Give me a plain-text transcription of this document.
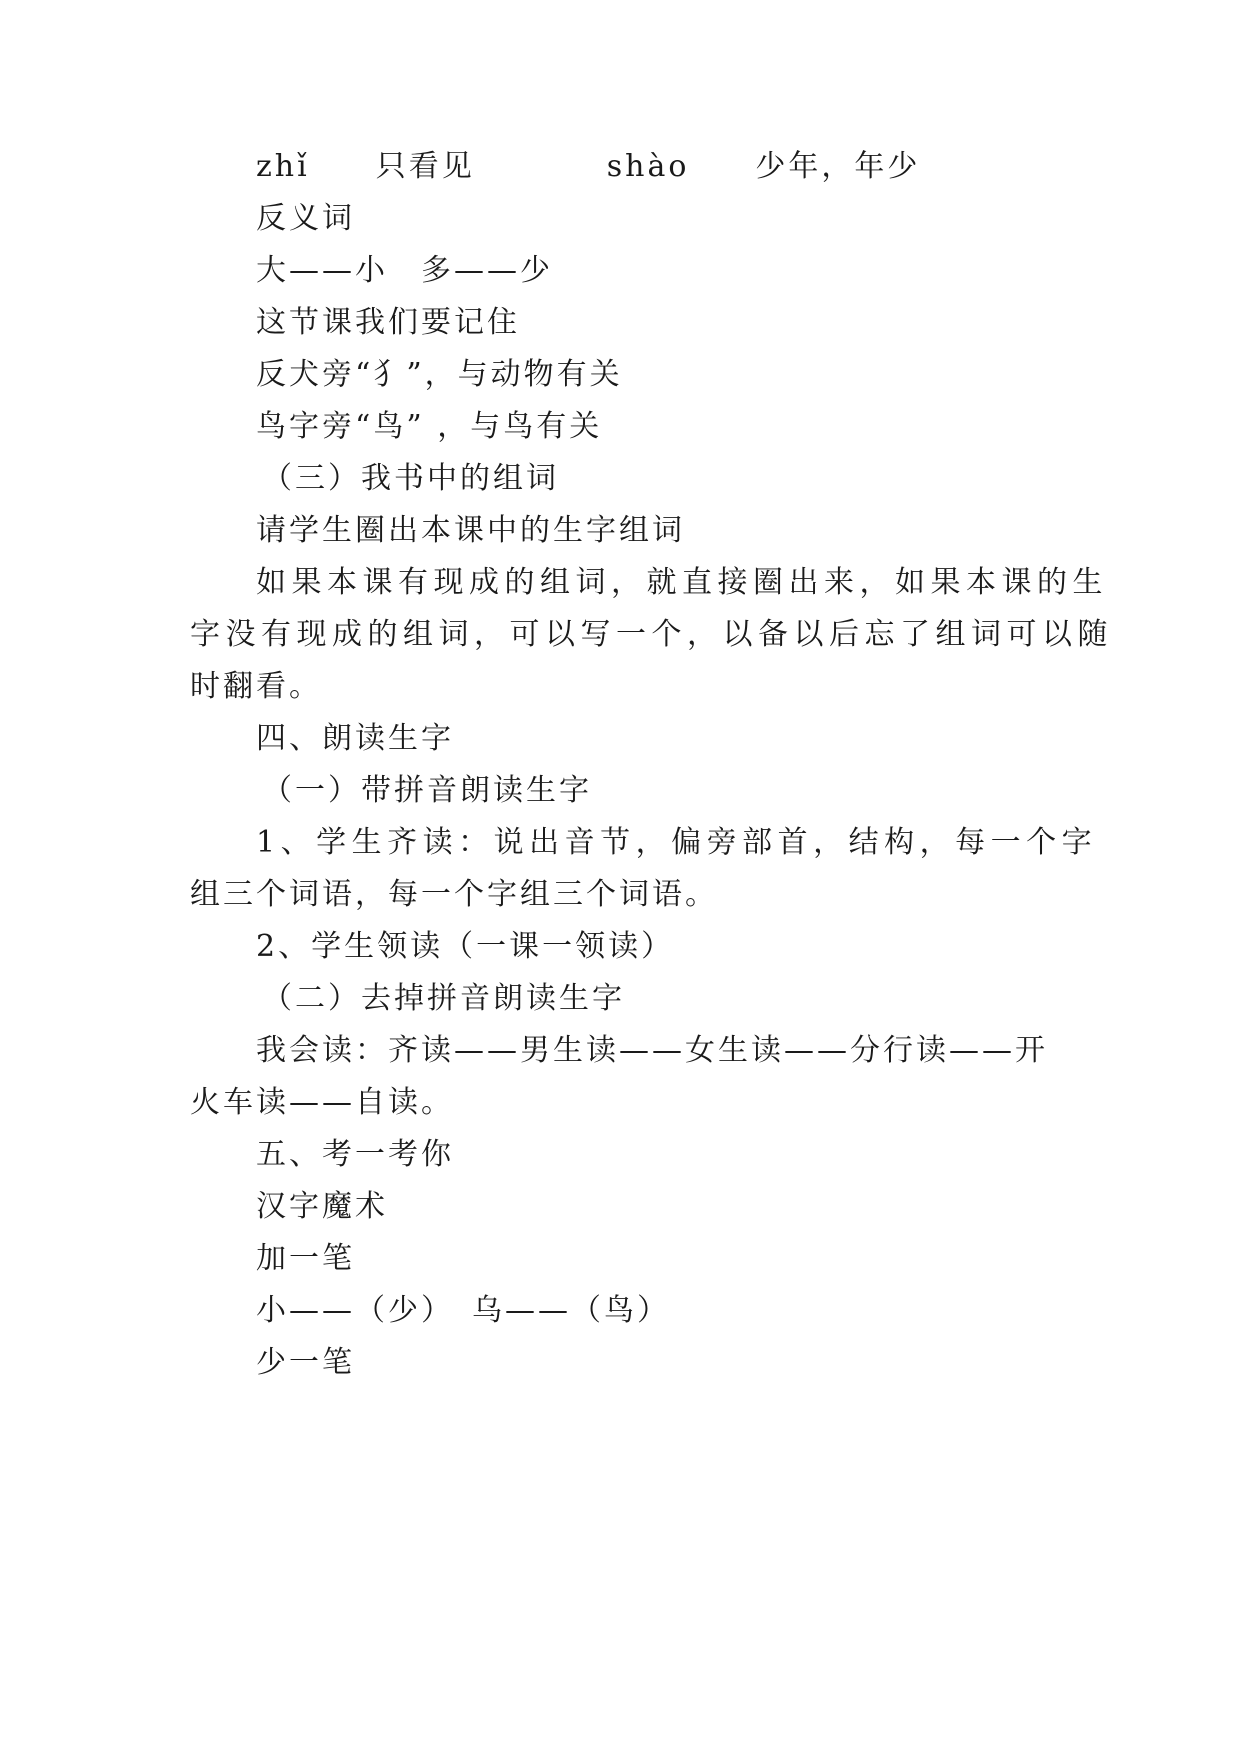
zhǐ　　只看见　　　　shào　　少年，年少
反义词
大——小　多——少
这节课我们要记住
反犬旁“犭”，与动物有关
鸟字旁“鸟” ，与鸟有关
（三）我书中的组词
请学生圈出本课中的生字组词
如果本课有现成的组词，就直接圈出来，如果本课的生
字没有现成的组词，可以写一个，以备以后忘了组词可以随
时翻看。
四、朗读生字
（一）带拼音朗读生字
1、学生齐读：说出音节，偏旁部首，结构，每一个字
组三个词语，每一个字组三个词语。
2、学生领读（一课一领读）
（二）去掉拼音朗读生字
我会读：齐读——男生读——女生读——分行读——开
火车读——自读。
五、考一考你
汉字魔术
加一笔
小——（少）　乌——（鸟）
少一笔
